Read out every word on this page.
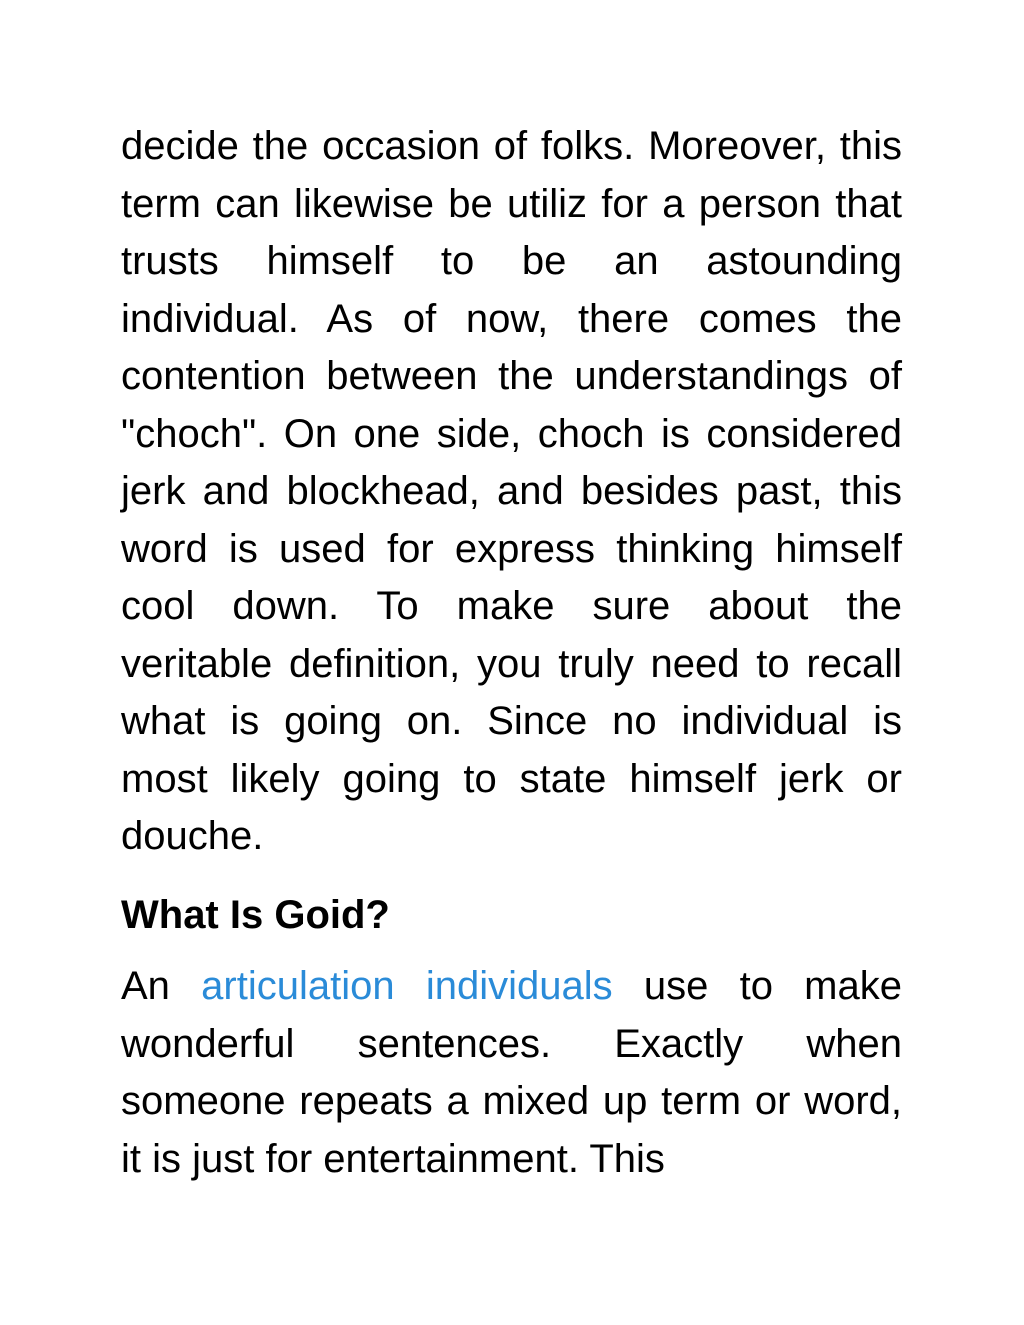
decide the occasion of folks. Moreover, this term can likewise be utiliz for a person that trusts himself to be an astounding individual. As of now, there comes the contention between the understandings of "choch". On one side, choch is considered jerk and blockhead, and besides past, this word is used for express thinking himself cool down. To make sure about the veritable definition, you truly need to recall what is going on. Since no individual is most likely going to state himself jerk or douche.

What Is Goid?

An articulation individuals use to make wonderful sentences. Exactly when someone repeats a mixed up term or word, it is just for entertainment. This
